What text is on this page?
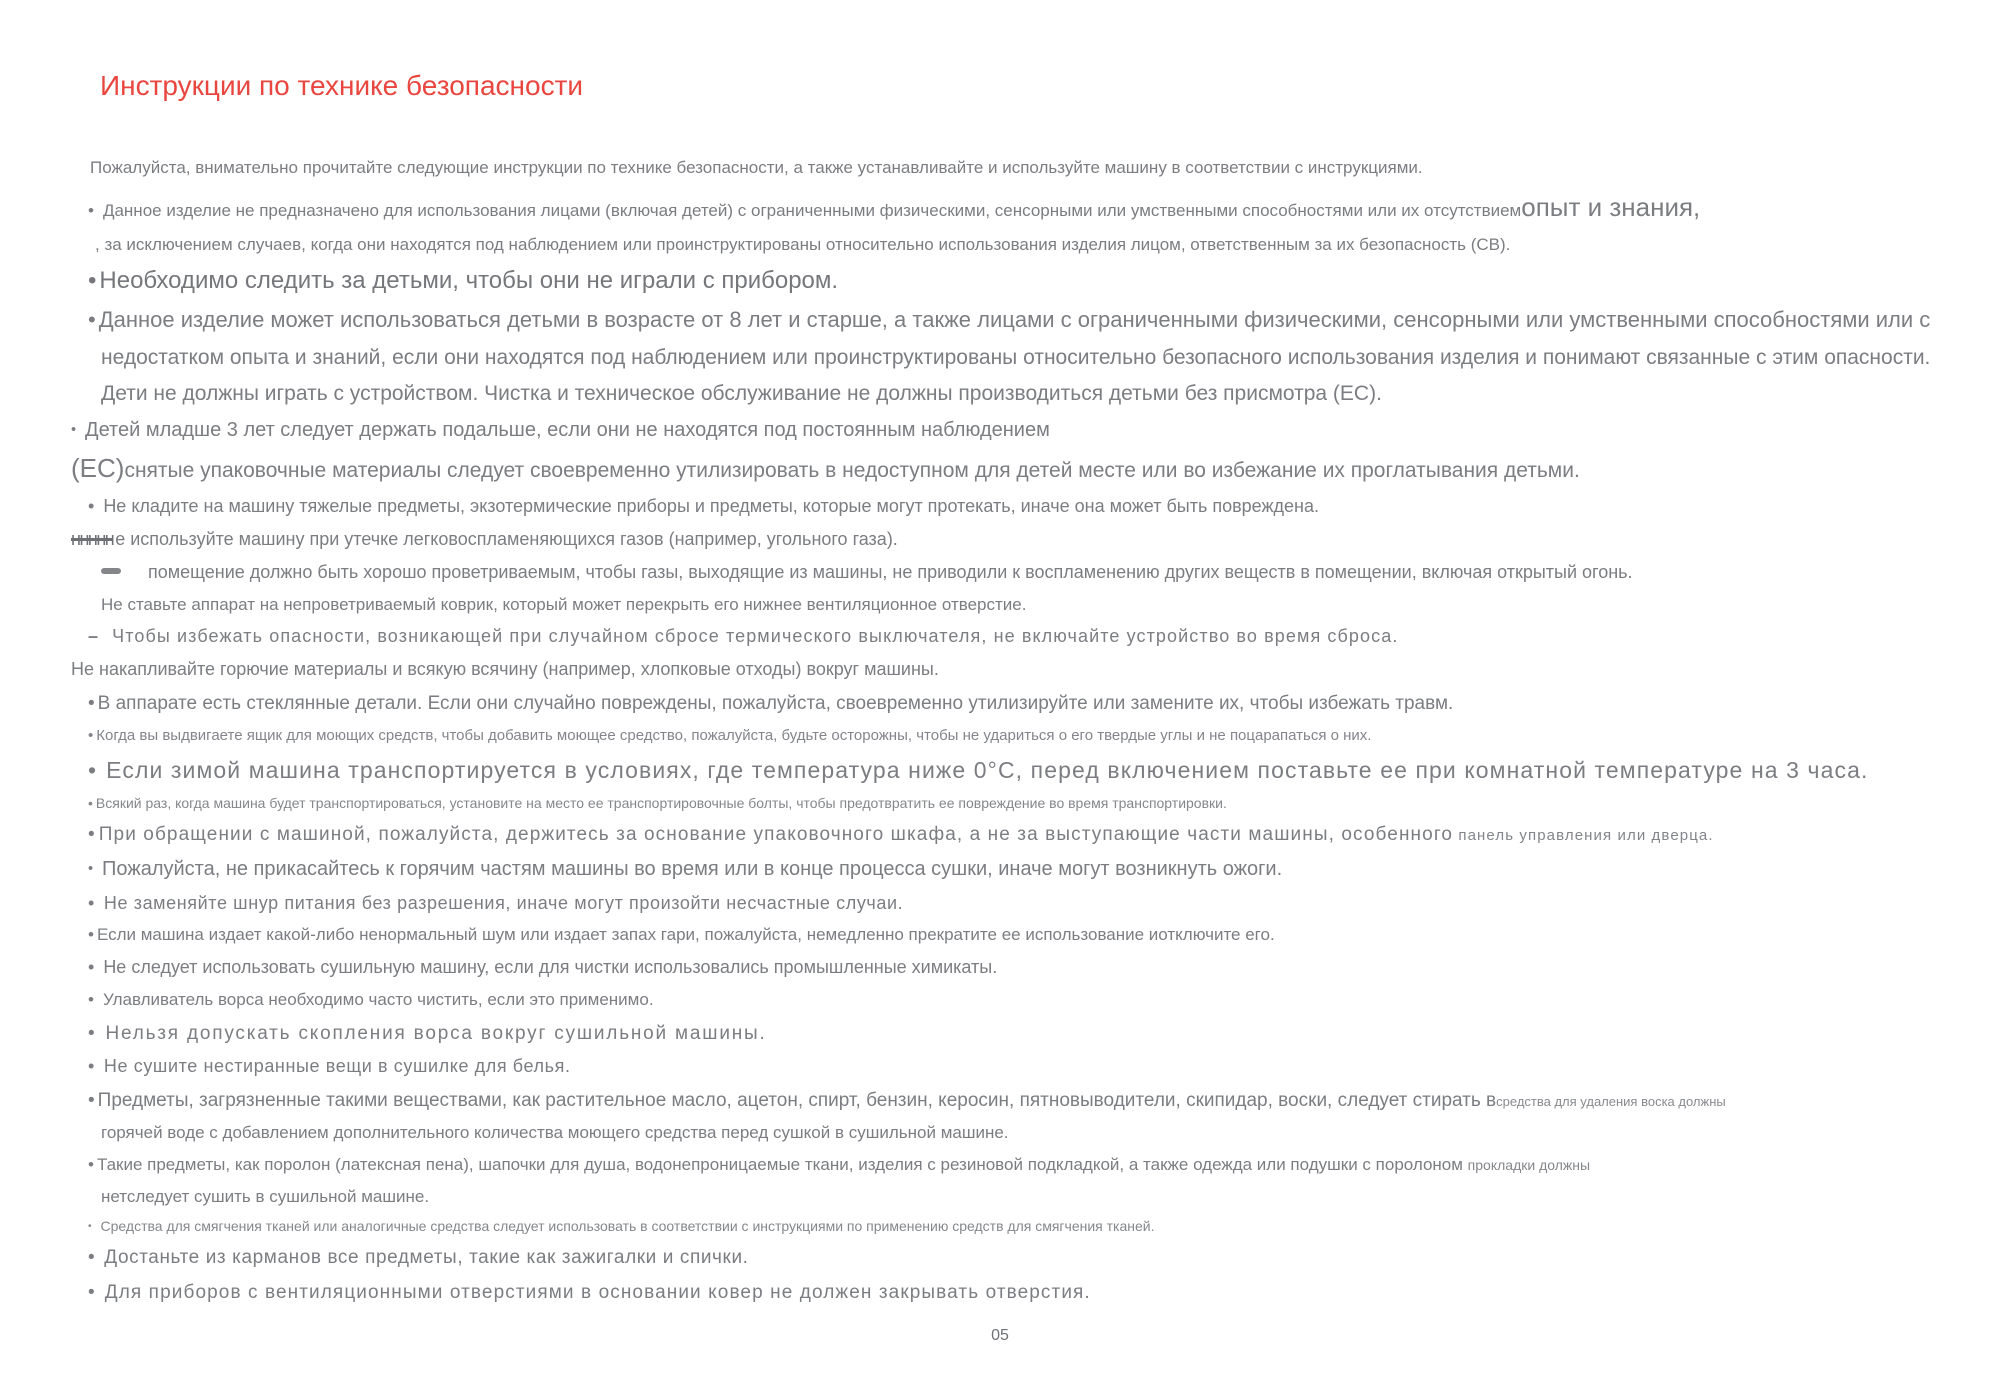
Инструкции по технике безопасности

Пожалуйста, внимательно прочитайте следующие инструкции по технике безопасности, а также устанавливайте и используйте машину в соответствии с инструкциями.

• Данное изделие не предназначено для использования лицами (включая детей) с ограниченными физическими, сенсорными или умственными способностями или их отсутствиемопыт и знания,
, за исключением случаев, когда они находятся под наблюдением или проинструктированы относительно использования изделия лицом, ответственным за их безопасность (СВ).
• Необходимо следить за детьми, чтобы они не играли с прибором.
• Данное изделие может использоваться детьми в возрасте от 8 лет и старше, а также лицами с ограниченными физическими, сенсорными или умственными способностями или с
недостатком опыта и знаний, если они находятся под наблюдением или проинструктированы относительно безопасного использования изделия и понимают связанные с этим опасности.
Дети не должны играть с устройством. Чистка и техническое обслуживание не должны производиться детьми без присмотра (ЕС).
• Детей младше 3 лет следует держать подальше, если они не находятся под постоянным наблюдением
(ЕС)снятые упаковочные материалы следует своевременно утилизировать в недоступном для детей месте или во избежание их проглатывания детьми.
• Не кладите на машину тяжелые предметы, экзотермические приборы и предметы, которые могут протекать, иначе она может быть повреждена.
ннннн е используйте машину при утечке легковоспламеняющихся газов (например, угольного газа).
помещение должно быть хорошо проветриваемым, чтобы газы, выходящие из машины, не приводили к воспламенению других веществ в помещении, включая открытый огонь.
Не ставьте аппарат на непроветриваемый коврик, который может перекрыть его нижнее вентиляционное отверстие.
– Чтобы избежать опасности, возникающей при случайном сбросе термического выключателя, не включайте устройство во время сброса.
Не накапливайте горючие материалы и всякую всячину (например, хлопковые отходы) вокруг машины.
• В аппарате есть стеклянные детали. Если они случайно повреждены, пожалуйста, своевременно утилизируйте или замените их, чтобы избежать травм.
• Когда вы выдвигаете ящик для моющих средств, чтобы добавить моющее средство, пожалуйста, будьте осторожны, чтобы не удариться о его твердые углы и не поцарапаться о них.
• Если зимой машина транспортируется в условиях, где температура ниже 0°С, перед включением поставьте ее при комнатной температуре на 3 часа.
• Всякий раз, когда машина будет транспортироваться, установите на место ее транспортировочные болты, чтобы предотвратить ее повреждение во время транспортировки.
• При обращении с машиной, пожалуйста, держитесь за основание упаковочного шкафа, а не за выступающие части машины, особенного панель управления или дверца.
• Пожалуйста, не прикасайтесь к горячим частям машины во время или в конце процесса сушки, иначе могут возникнуть ожоги.
• Не заменяйте шнур питания без разрешения, иначе могут произойти несчастные случаи.
• Если машина издает какой-либо ненормальный шум или издает запах гари, пожалуйста, немедленно прекратите ее использование иотключите его.
• Не следует использовать сушильную машину, если для чистки использовались промышленные химикаты.
• Улавливатель ворса необходимо часто чистить, если это применимо.
• Нельзя допускать скопления ворса вокруг сушильной машины.
• Не сушите нестиранные вещи в сушилке для белья.
• Предметы, загрязненные такими веществами, как растительное масло, ацетон, спирт, бензин, керосин, пятновыводители, скипидар, воски, следует стирать всредства для удаления воска должны
горячей воде с добавлением дополнительного количества моющего средства перед сушкой в сушильной машине.
• Такие предметы, как поролон (латексная пена), шапочки для душа, водонепроницаемые ткани, изделия с резиновой подкладкой, а также одежда или подушки с поролоном прокладки должны
нетследует сушить в сушильной машине.
• Средства для смягчения тканей или аналогичные средства следует использовать в соответствии с инструкциями по применению средств для смягчения тканей.
• Достаньте из карманов все предметы, такие как зажигалки и спички.
• Для приборов с вентиляционными отверстиями в основании ковер не должен закрывать отверстия.
05
